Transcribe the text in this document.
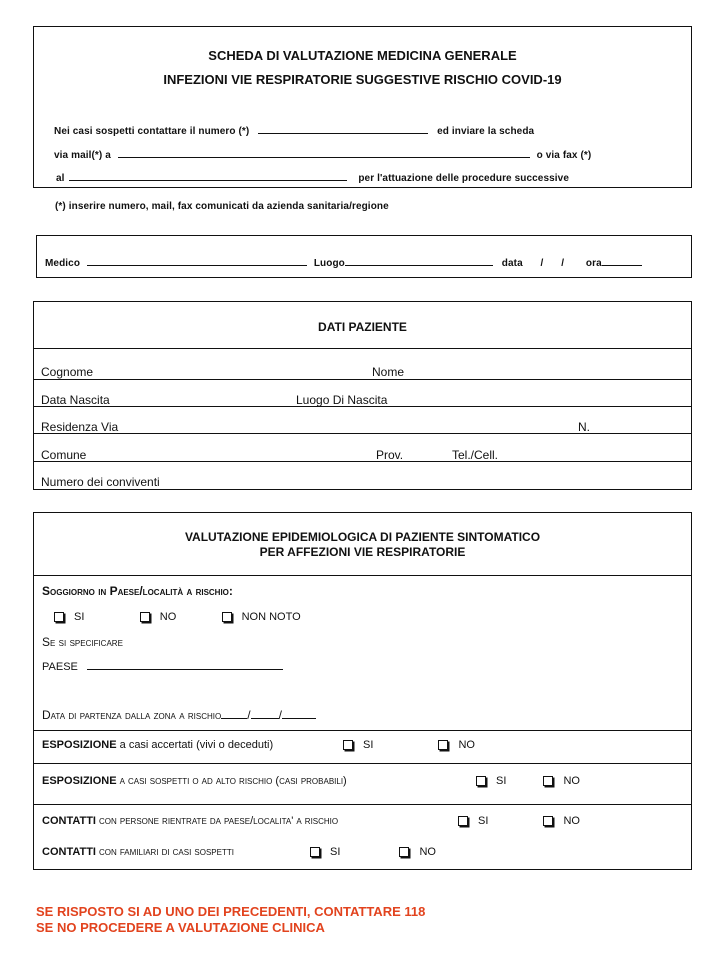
SCHEDA DI VALUTAZIONE MEDICINA GENERALE
INFEZIONI VIE RESPIRATORIE SUGGESTIVE RISCHIO COVID-19
Nei casi sospetti contattare il numero (*)	ed inviare la scheda
via mail(*) a	o via fax (*)
al	per l'attuazione delle procedure successive
(*) inserire numero, mail, fax comunicati da azienda sanitaria/regione
Medico	Luogo	data / / ora
DATI PAZIENTE
Cognome	Nome
Data Nascita	Luogo Di Nascita
Residenza Via	N.
Comune	Prov.	Tel./Cell.
Numero dei conviventi
VALUTAZIONE EPIDEMIOLOGICA DI PAZIENTE SINTOMATICO
PER AFFEZIONI VIE RESPIRATORIE
Soggiorno in Paese/località a rischio:
SI	NO	NON NOTO
Se si specificare
PAESE
Data di partenza dalla zona a rischio / /
ESPOSIZIONE a casi accertati (vivi o deceduti)	SI	NO
ESPOSIZIONE a casi sospetti o ad alto rischio (casi probabili)	SI	NO
CONTATTI con persone rientrate da paese/localita' a rischio	SI	NO
CONTATTI con familiari di casi sospetti	SI	NO
SE RISPOSTO SI AD UNO DEI PRECEDENTI, CONTATTARE 118
SE NO PROCEDERE A VALUTAZIONE CLINICA
